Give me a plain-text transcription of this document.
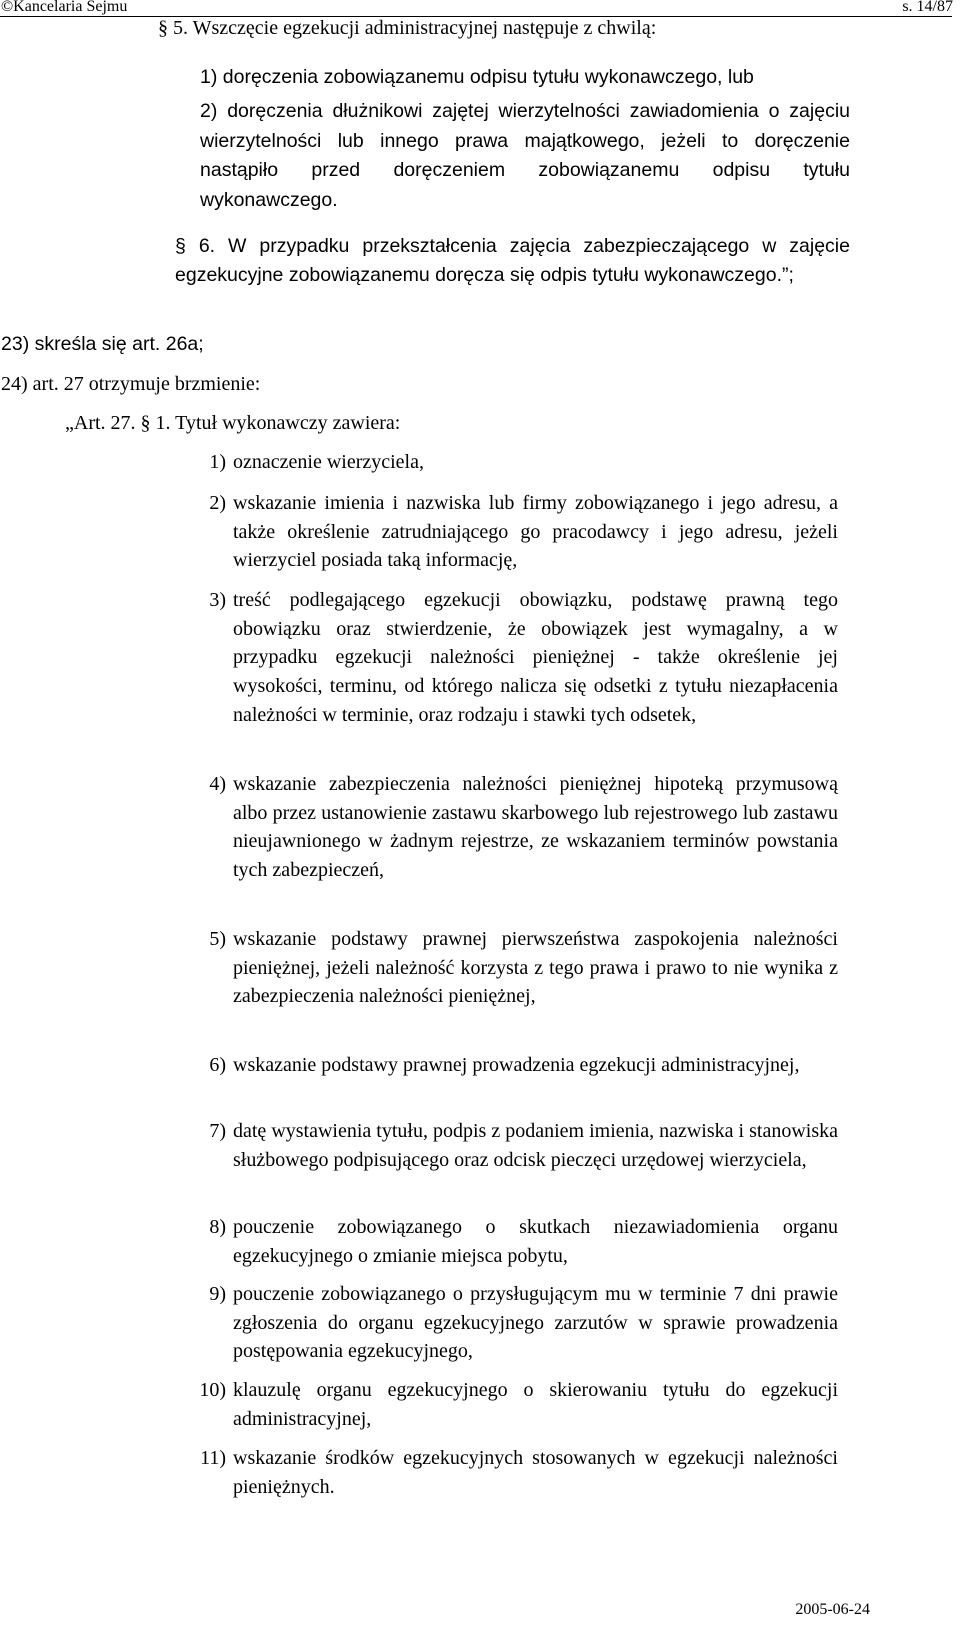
©Kancelaria Sejmu	s. 14/87
§ 5. Wszczęcie egzekucji administracyjnej następuje z chwilą:
1) doręczenia zobowiązanemu odpisu tytułu wykonawczego, lub
2) doręczenia dłużnikowi zajętej wierzytelności zawiadomienia o zajęciu wierzytelności lub innego prawa majątkowego, jeżeli to doręczenie nastąpiło przed doręczeniem zobowiązanemu odpisu tytułu wykonawczego.
§ 6. W przypadku przekształcenia zajęcia zabezpieczającego w zajęcie egzekucyjne zobowiązanemu doręcza się odpis tytułu wykonawczego.”;
23) skreśla się art. 26a;
24) art. 27 otrzymuje brzmienie:
„Art. 27. § 1. Tytuł wykonawczy zawiera:
1) oznaczenie wierzyciela,
2) wskazanie imienia i nazwiska lub firmy zobowiązanego i jego adresu, a także określenie zatrudniającego go pracodawcy i jego adresu, jeżeli wierzyciel posiada taką informację,
3) treść podlegającego egzekucji obowiązku, podstawę prawną tego obowiązku oraz stwierdzenie, że obowiązek jest wymagalny, a w przypadku egzekucji należności pieniężnej - także określenie jej wysokości, terminu, od którego nalicza się odsetki z tytułu niezapłacenia należności w terminie, oraz rodzaju i stawki tych odsetek,
4) wskazanie zabezpieczenia należności pieniężnej hipoteką przymusową albo przez ustanowienie zastawu skarbowego lub rejestrowego lub zastawu nieujawnionego w żadnym rejestrze, ze wskazaniem terminów powstania tych zabezpieczeń,
5) wskazanie podstawy prawnej pierwszeństwa zaspokojenia należności pieniężnej, jeżeli należność korzysta z tego prawa i prawo to nie wynika z zabezpieczenia należności pieniężnej,
6) wskazanie podstawy prawnej prowadzenia egzekucji administracyjnej,
7) datę wystawienia tytułu, podpis z podaniem imienia, nazwiska i stanowiska służbowego podpisującego oraz odcisk pieczęci urzędowej wierzyciela,
8) pouczenie zobowiązanego o skutkach niezawiadomienia organu egzekucyjnego o zmianie miejsca pobytu,
9) pouczenie zobowiązanego o przysługującym mu w terminie 7 dni prawie zgłoszenia do organu egzekucyjnego zarzutów w sprawie prowadzenia postępowania egzekucyjnego,
10) klauzulę organu egzekucyjnego o skierowaniu tytułu do egzekucji administracyjnej,
11) wskazanie środków egzekucyjnych stosowanych w egzekucji należności pieniężnych.
2005-06-24
